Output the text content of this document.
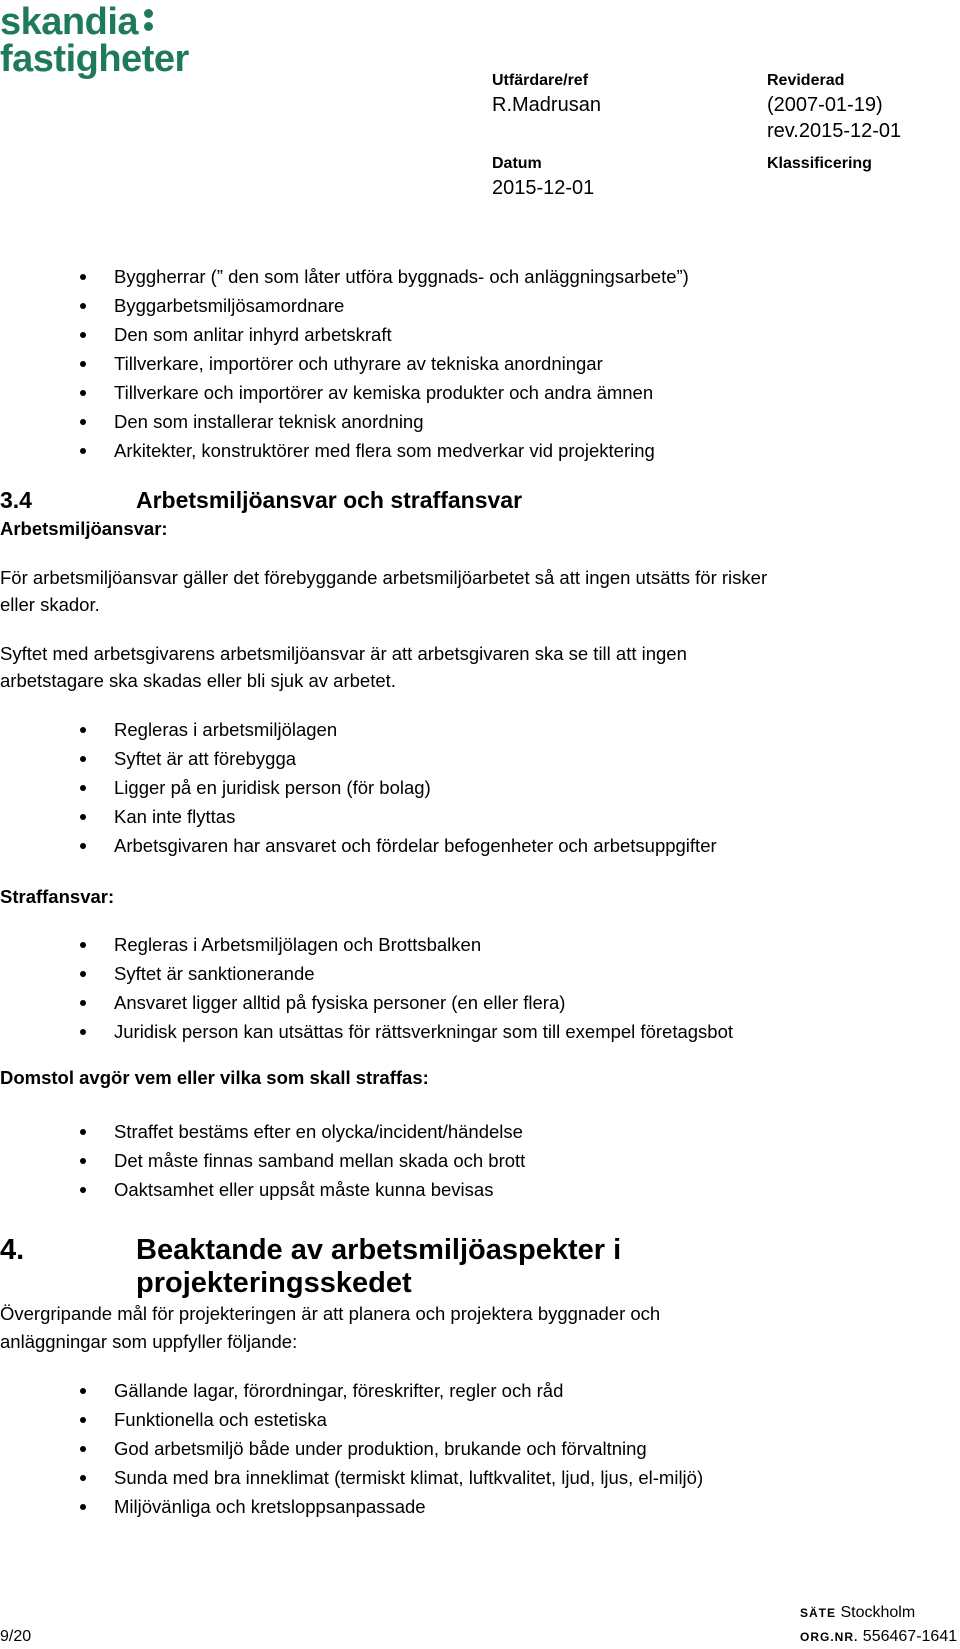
skandia
fastigheter
Utfärdare/ref
R.Madrusan
Reviderad
(2007-01-19)
rev.2015-12-01
Datum
2015-12-01
Klassificering
Byggherrar (” den som låter utföra byggnads- och anläggningsarbete”)
Byggarbetsmiljösamordnare
Den som anlitar inhyrd arbetskraft
Tillverkare, importörer och uthyrare av tekniska anordningar
Tillverkare och importörer av kemiska produkter och andra ämnen
Den som installerar teknisk anordning
Arkitekter, konstruktörer med flera som medverkar vid projektering
3.4	Arbetsmiljöansvar och straffansvar
Arbetsmiljöansvar:
För arbetsmiljöansvar gäller det förebyggande arbetsmiljöarbetet så att ingen utsätts för risker
eller skador.
Syftet med arbetsgivarens arbetsmiljöansvar är att arbetsgivaren ska se till att ingen
arbetstagare ska skadas eller bli sjuk av arbetet.
Regleras i arbetsmiljölagen
Syftet är att förebygga
Ligger på en juridisk person (för bolag)
Kan inte flyttas
Arbetsgivaren har ansvaret och fördelar befogenheter och arbetsuppgifter
Straffansvar:
Regleras i Arbetsmiljölagen och Brottsbalken
Syftet är sanktionerande
Ansvaret ligger alltid på fysiska personer (en eller flera)
Juridisk person kan utsättas för rättsverkningar som till exempel företagsbot
Domstol avgör vem eller vilka som skall straffas:
Straffet bestäms efter en olycka/incident/händelse
Det måste finnas samband mellan skada och brott
Oaktsamhet eller uppsåt måste kunna bevisas
4.	Beaktande av arbetsmiljöaspekter i
projekteringsskedet
Övergripande mål för projekteringen är att planera och projektera byggnader och
anläggningar som uppfyller följande:
Gällande lagar, förordningar, föreskrifter, regler och råd
Funktionella och estetiska
God arbetsmiljö både under produktion, brukande och förvaltning
Sunda med bra inneklimat (termiskt klimat, luftkvalitet, ljud, ljus, el-miljö)
Miljövänliga och kretsloppsanpassade
9/20
SÄTE Stockholm
ORG.NR. 556467-1641
